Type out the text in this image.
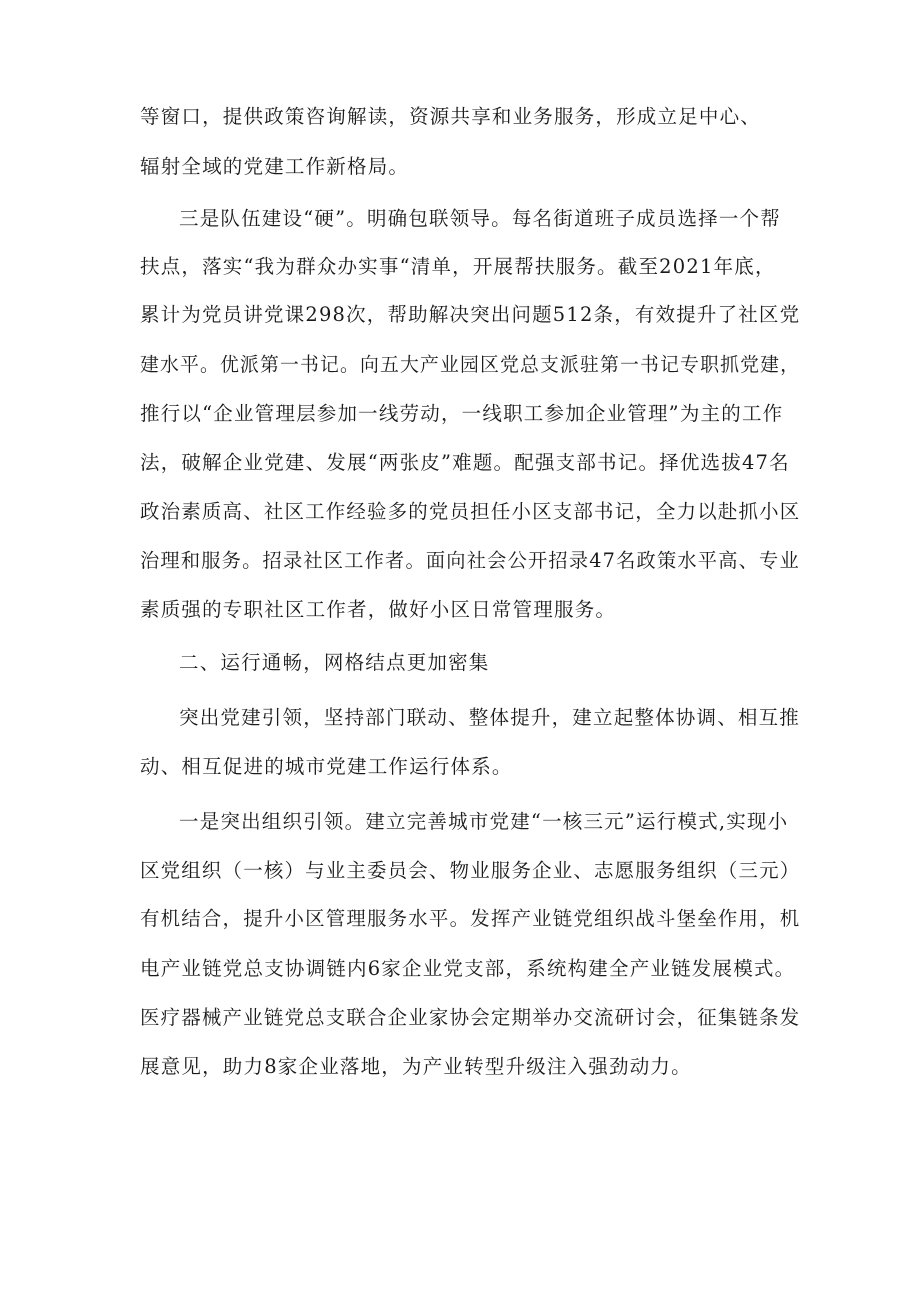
等窗口，提供政策咨询解读，资源共享和业务服务，形成立足中心、
辐射全域的党建工作新格局。
三是队伍建设“硬”。明确包联领导。每名街道班子成员选择一个帮
扶点，落实“我为群众办实事“清单，开展帮扶服务。截至2021年底，
累计为党员讲党课298次，帮助解决突出问题512条，有效提升了社区党
建水平。优派第一书记。向五大产业园区党总支派驻第一书记专职抓党建，
推行以“企业管理层参加一线劳动，一线职工参加企业管理”为主的工作
法，破解企业党建、发展“两张皮”难题。配强支部书记。择优选拔47名
政治素质高、社区工作经验多的党员担任小区支部书记，全力以赴抓小区
治理和服务。招录社区工作者。面向社会公开招录47名政策水平高、专业
素质强的专职社区工作者，做好小区日常管理服务。
二、运行通畅，网格结点更加密集
突出党建引领，坚持部门联动、整体提升，建立起整体协调、相互推
动、相互促进的城市党建工作运行体系。
一是突出组织引领。建立完善城市党建“一核三元”运行模式,实现小
区党组织（一核）与业主委员会、物业服务企业、志愿服务组织（三元）
有机结合，提升小区管理服务水平。发挥产业链党组织战斗堡垒作用，机
电产业链党总支协调链内6家企业党支部，系统构建全产业链发展模式。
医疗器械产业链党总支联合企业家协会定期举办交流研讨会，征集链条发
展意见，助力8家企业落地，为产业转型升级注入强劲动力。
